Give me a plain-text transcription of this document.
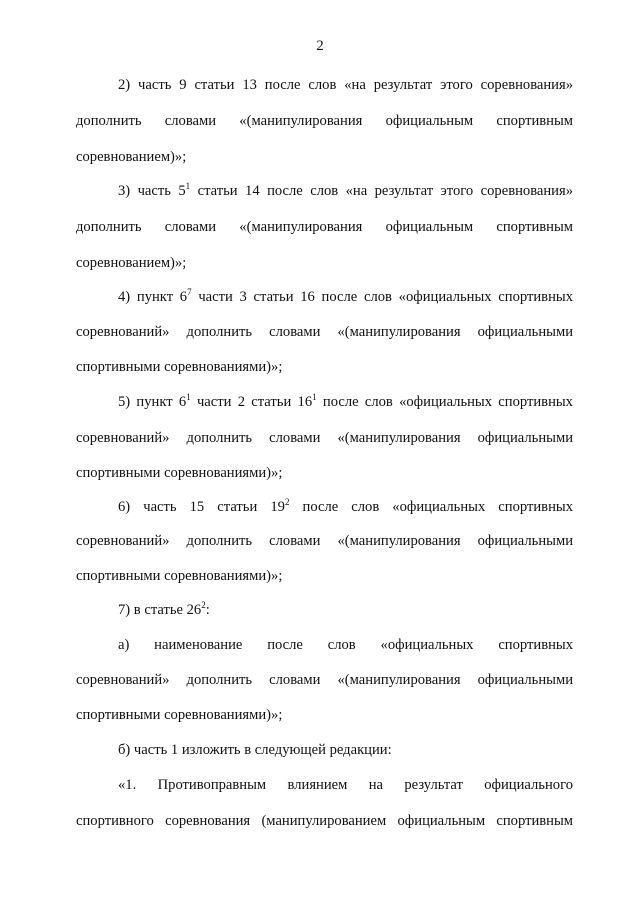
2
2) часть 9 статьи 13 после слов «на результат этого соревнования»
дополнить словами «(манипулирования официальным спортивным
соревнованием)»;
3) часть $5^1$ статьи 14 после слов «на результат этого соревнования»
дополнить словами «(манипулирования официальным спортивным
соревнованием)»;
4) пункт $6^7$ части 3 статьи 16 после слов «официальных спортивных
соревнований» дополнить словами «(манипулирования официальными
спортивными соревнованиями)»;
5) пункт $6^1$ части 2 статьи $16^1$ после слов «официальных спортивных
соревнований» дополнить словами «(манипулирования официальными
спортивными соревнованиями)»;
6) часть 15 статьи $19^2$ после слов «официальных спортивных
соревнований» дополнить словами «(манипулирования официальными
спортивными соревнованиями)»;
7) в статье $26^2$:
а) наименование после слов «официальных спортивных
соревнований» дополнить словами «(манипулирования официальными
спортивными соревнованиями)»;
б) часть 1 изложить в следующей редакции:
«1. Противоправным влиянием на результат официального
спортивного соревнования (манипулированием официальным спортивным
